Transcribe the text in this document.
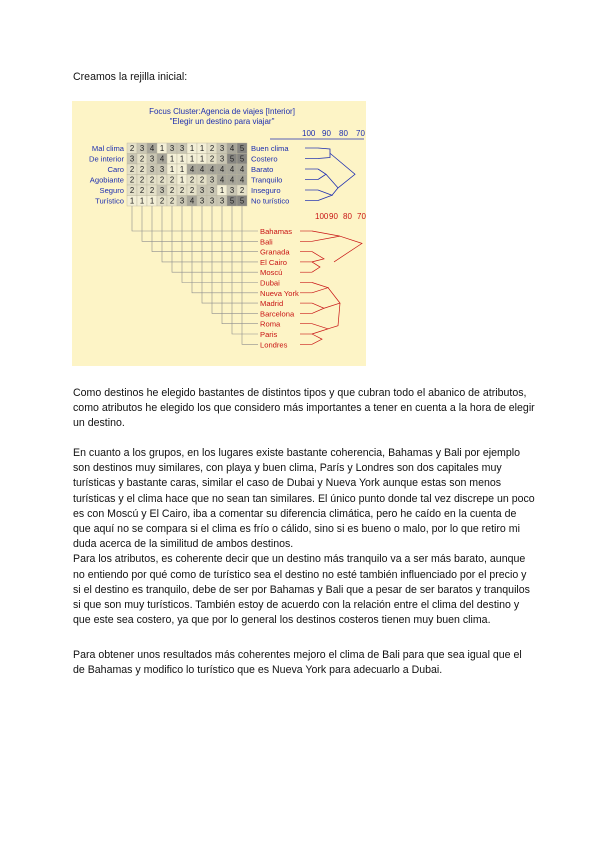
Creamos la rejilla inicial:

Focus Cluster:Agencia de viajes [Interior]
"Elegir un destino para viajar"
100 90 80 70
Mal clima 2 3 4 1 3 3 1 1 2 3 4 5 Buen clima
De interior 3 2 3 4 1 1 1 1 2 3 5 5 Costero
Caro 2 2 3 3 1 1 4 4 4 4 4 4 Barato
Agobiante 2 2 2 2 2 1 2 2 3 4 4 4 Tranquilo
Seguro 2 2 2 3 2 2 2 3 3 1 3 2 Inseguro
Turístico 1 1 1 2 2 3 4 3 3 3 5 5 No turístico
100 90 80 70
Bahamas
Bali
Granada
El Cairo
Moscú
Dubai
Nueva York
Madrid
Barcelona
Roma
Paris
Londres

Como destinos he elegido bastantes de distintos tipos y que cubran todo el abanico de atributos, como atributos he elegido los que considero más importantes a tener en cuenta a la hora de elegir un destino.

En cuanto a los grupos, en los lugares existe bastante coherencia, Bahamas y Bali por ejemplo son destinos muy similares, con playa y buen clima, París y Londres son dos capitales muy turísticas y bastante caras, similar el caso de Dubai y Nueva York aunque estas son menos turísticas y el clima hace que no sean tan similares. El único punto donde tal vez discrepe un poco es con Moscú y El Cairo, iba a comentar su diferencia climática, pero he caído en la cuenta de que aquí no se compara si el clima es frío o cálido, sino si es bueno o malo, por lo que retiro mi duda acerca de la similitud de ambos destinos.
Para los atributos, es coherente decir que un destino más tranquilo va a ser más barato, aunque no entiendo por qué como de turístico sea el destino no esté también influenciado por el precio y si el destino es tranquilo, debe de ser por Bahamas y Bali que a pesar de ser baratos y tranquilos si que son muy turísticos. También estoy de acuerdo con la relación entre el clima del destino y que este sea costero, ya que por lo general los destinos costeros tienen muy buen clima.

Para obtener unos resultados más coherentes mejoro el clima de Bali para que sea igual que el de Bahamas y modifico lo turístico que es Nueva York para adecuarlo a Dubai.
